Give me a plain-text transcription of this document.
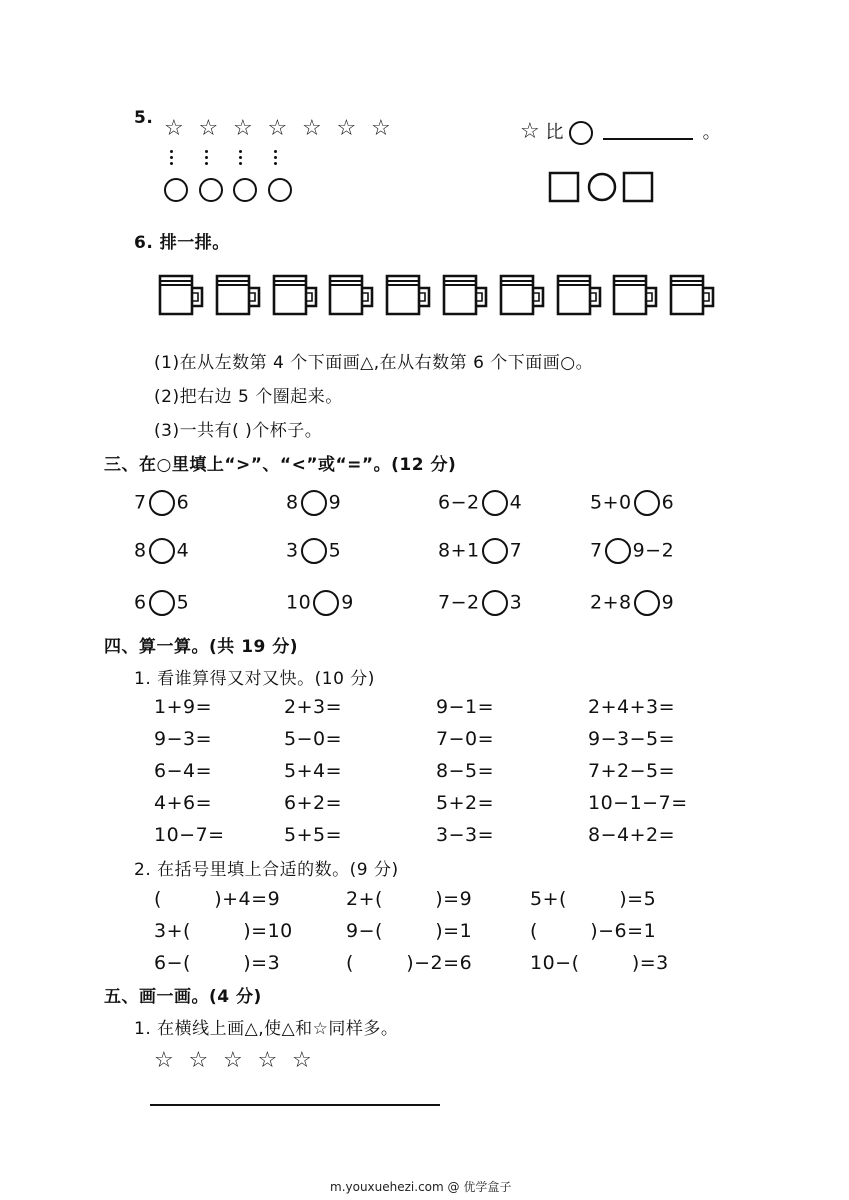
5. ☆ ☆ ☆ ☆ ☆ ☆ ☆	☆ 比	。
6. 排一排。
(1)在从左数第 4 个下面画△,在从右数第 6 个下面画○。
(2)把右边 5 个圈起来。
(3)一共有( )个杯子。
三、在○里填上“>”、“<”或“=”。(12 分)
7 6	8 9	6−2 4	5+0 6
8 4	3 5	8+1 7	7 9−2
6 5	10 9	7−2 3	2+8 9
四、算一算。(共 19 分)
1. 看谁算得又对又快。(10 分)
1+9=	2+3=	9−1=	2+4+3=
9−3=	5−0=	7−0=	9−3−5=
6−4=	5+4=	8−5=	7+2−5=
4+6=	6+2=	5+2=	10−1−7=
10−7=	5+5=	3−3=	8−4+2=
2. 在括号里填上合适的数。(9 分)
(        )+4=9	2+(        )=9	5+(        )=5
3+(        )=10	9−(        )=1	(        )−6=1
6−(        )=3	(        )−2=6	10−(        )=3
五、画一画。(4 分)
1. 在横线上画△,使△和☆同样多。
☆ ☆ ☆ ☆ ☆
m.youxuehezi.com @ 优学盒子
